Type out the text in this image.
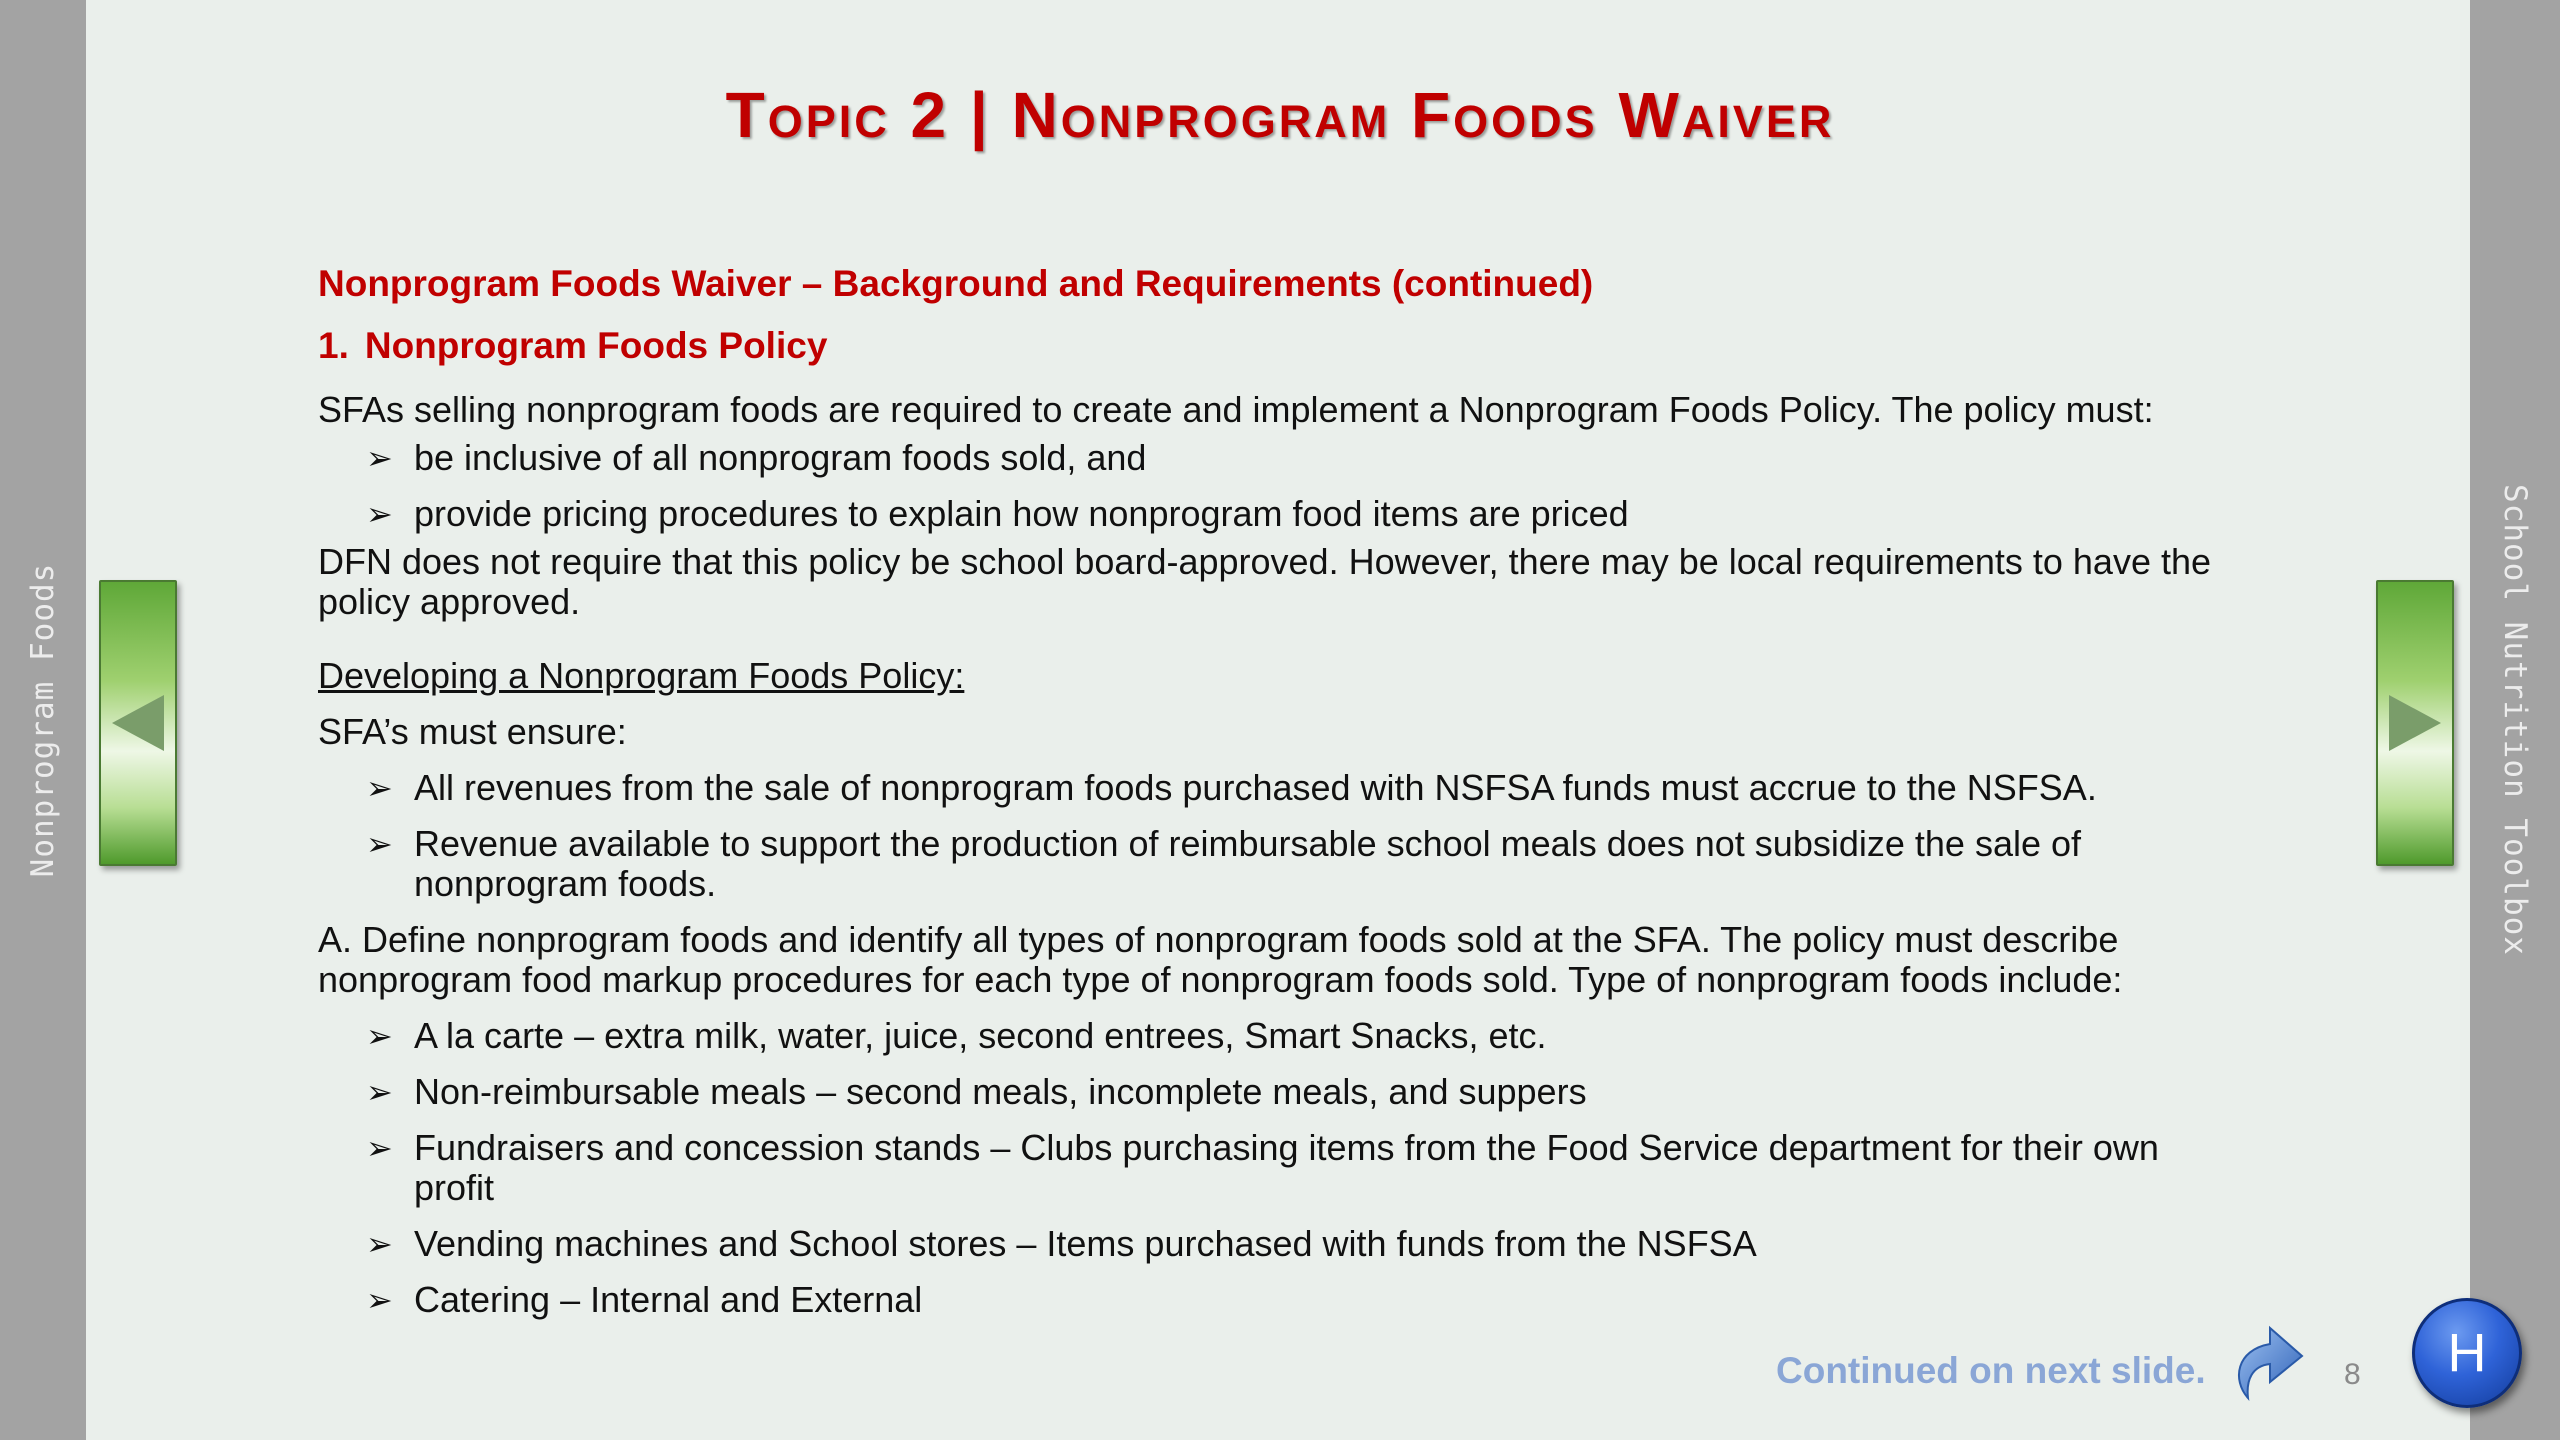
Nonprogram Foods	School Nutrition Toolbox
Topic 2 | Nonprogram Foods Waiver
Nonprogram Foods Waiver – Background and Requirements (continued)
1. Nonprogram Foods Policy

SFAs selling nonprogram foods are required to create and implement a Nonprogram Foods Policy. The policy must:

➢ be inclusive of all nonprogram foods sold, and
➢ provide pricing procedures to explain how nonprogram food items are priced

DFN does not require that this policy be school board-approved. However, there may be local requirements to have the policy approved.

Developing a Nonprogram Foods Policy:

SFA’s must ensure:

➢ All revenues from the sale of nonprogram foods purchased with NSFSA funds must accrue to the NSFSA.
➢ Revenue available to support the production of reimbursable school meals does not subsidize the sale of nonprogram foods.

A. Define nonprogram foods and identify all types of nonprogram foods sold at the SFA. The policy must describe nonprogram food markup procedures for each type of nonprogram foods sold. Type of nonprogram foods include:

➢ A la carte – extra milk, water, juice, second entrees, Smart Snacks, etc.
➢ Non-reimbursable meals – second meals, incomplete meals, and suppers
➢ Fundraisers and concession stands – Clubs purchasing items from the Food Service department for their own profit
➢ Vending machines and School stores – Items purchased with funds from the NSFSA
➢ Catering – Internal and External
Continued on next slide.	8 H
